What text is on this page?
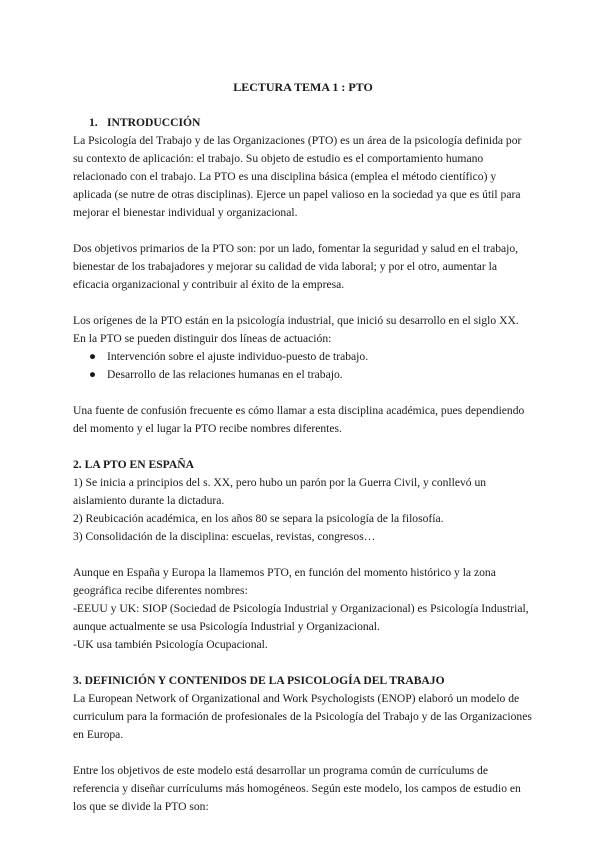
LECTURA TEMA 1 : PTO
1. INTRODUCCIÓN

La Psicología del Trabajo y de las Organizaciones (PTO) es un área de la psicología definida por su contexto de aplicación: el trabajo. Su objeto de estudio es el comportamiento humano relacionado con el trabajo. La PTO es una disciplina básica (emplea el método científico) y aplicada (se nutre de otras disciplinas). Ejerce un papel valioso en la sociedad ya que es útil para mejorar el bienestar individual y organizacional.

Dos objetivos primarios de la PTO son: por un lado, fomentar la seguridad y salud en el trabajo, bienestar de los trabajadores y mejorar su calidad de vida laboral; y por el otro, aumentar la eficacia organizacional y contribuir al éxito de la empresa.

Los orígenes de la PTO están en la psicología industrial, que inició su desarrollo en el siglo XX. En la PTO se pueden distinguir dos líneas de actuación:

● Intervención sobre el ajuste individuo-puesto de trabajo.
● Desarrollo de las relaciones humanas en el trabajo.

Una fuente de confusión frecuente es cómo llamar a esta disciplina académica, pues dependiendo del momento y el lugar la PTO recibe nombres diferentes.

2. LA PTO EN ESPAÑA

1) Se inicia a principios del s. XX, pero hubo un parón por la Guerra Civil, y conllevó un aislamiento durante la dictadura.

2) Reubicación académica, en los años 80 se separa la psicología de la filosofía.

3) Consolidación de la disciplina: escuelas, revistas, congresos…

Aunque en España y Europa la llamemos PTO, en función del momento histórico y la zona geográfica recibe diferentes nombres:

-EEUU y UK: SIOP (Sociedad de Psicología Industrial y Organizacional) es Psicología Industrial, aunque actualmente se usa Psicología Industrial y Organizacional.

-UK usa también Psicología Ocupacional.

3. DEFINICIÓN Y CONTENIDOS DE LA PSICOLOGÍA DEL TRABAJO

La European Network of Organizational and Work Psychologists (ENOP) elaboró un modelo de curriculum para la formación de profesionales de la Psicología del Trabajo y de las Organizaciones en Europa.

Entre los objetivos de este modelo está desarrollar un programa común de currículums de referencia y diseñar currículums más homogéneos. Según este modelo, los campos de estudio en los que se divide la PTO son:
